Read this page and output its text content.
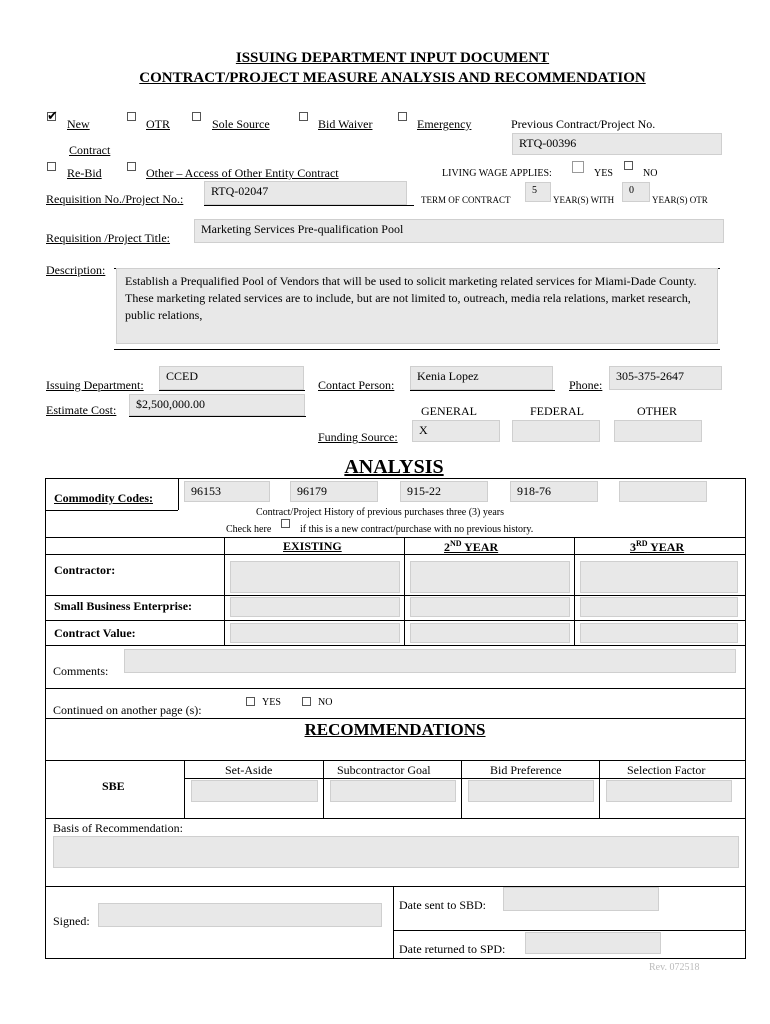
ISSUING DEPARTMENT INPUT DOCUMENT
CONTRACT/PROJECT MEASURE ANALYSIS AND RECOMMENDATION
✔
New
Contract
OTR	Sole Source	Bid Waiver	Emergency	Previous Contract/Project No.
RTQ-00396
Re-Bid	Other – Access of Other Entity Contract	LIVING WAGE APPLIES:	YES	NO
Requisition No./Project No.:
RTQ-02047
TERM OF CONTRACT
5
YEAR(S) WITH
0
YEAR(S) OTR
Requisition /Project Title:
Marketing Services Pre-qualification Pool
Description:
Establish a Prequalified Pool of Vendors that will be used to solicit marketing related services for Miami-Dade County. These marketing related services are to include, but are not limited to, outreach, media rela relations, market research, public relations,
Issuing Department:
CCED
Contact Person:
Kenia Lopez
Phone:
305-375-2647
Estimate Cost:	$2,500,000.00	GENERAL	FEDERAL	OTHER
Funding Source:	X
ANALYSIS
Commodity Codes:	96153	96179	915-22	918-76
Contract/Project History of previous purchases three (3) years
Check here	if this is a new contract/purchase with no previous history.
EXISTING	2ND YEAR	3RD YEAR
Contractor:
Small Business Enterprise:
Contract Value:
Comments:
Continued on another page (s):
YES	NO
RECOMMENDATIONS
Set-Aside	Subcontractor Goal	Bid Preference	Selection Factor
SBE
Basis of Recommendation:
Signed:
Date sent to SBD:
Date returned to SPD:
Rev. 072518
